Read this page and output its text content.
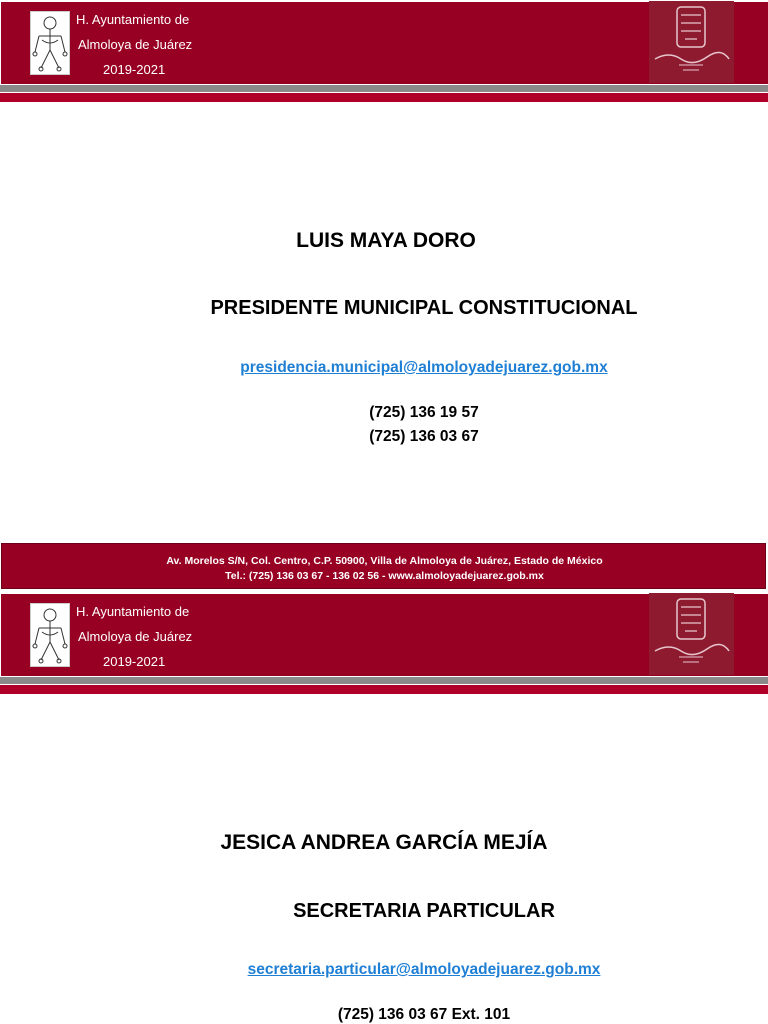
H. Ayuntamiento de
Almoloya de Juárez
2019-2021
LUIS MAYA DORO
PRESIDENTE MUNICIPAL CONSTITUCIONAL
presidencia.municipal@almoloyadejuarez.gob.mx
(725) 136 19 57
(725) 136 03 67
Av. Morelos S/N, Col. Centro, C.P. 50900, Villa de Almoloya de Juárez, Estado de México
Tel.: (725) 136 03 67 - 136 02 56 - www.almoloyadejuarez.gob.mx
H. Ayuntamiento de
Almoloya de Juárez
2019-2021
JESICA ANDREA GARCÍA MEJÍA
SECRETARIA PARTICULAR
secretaria.particular@almoloyadejuarez.gob.mx
(725) 136 03 67 Ext. 101
